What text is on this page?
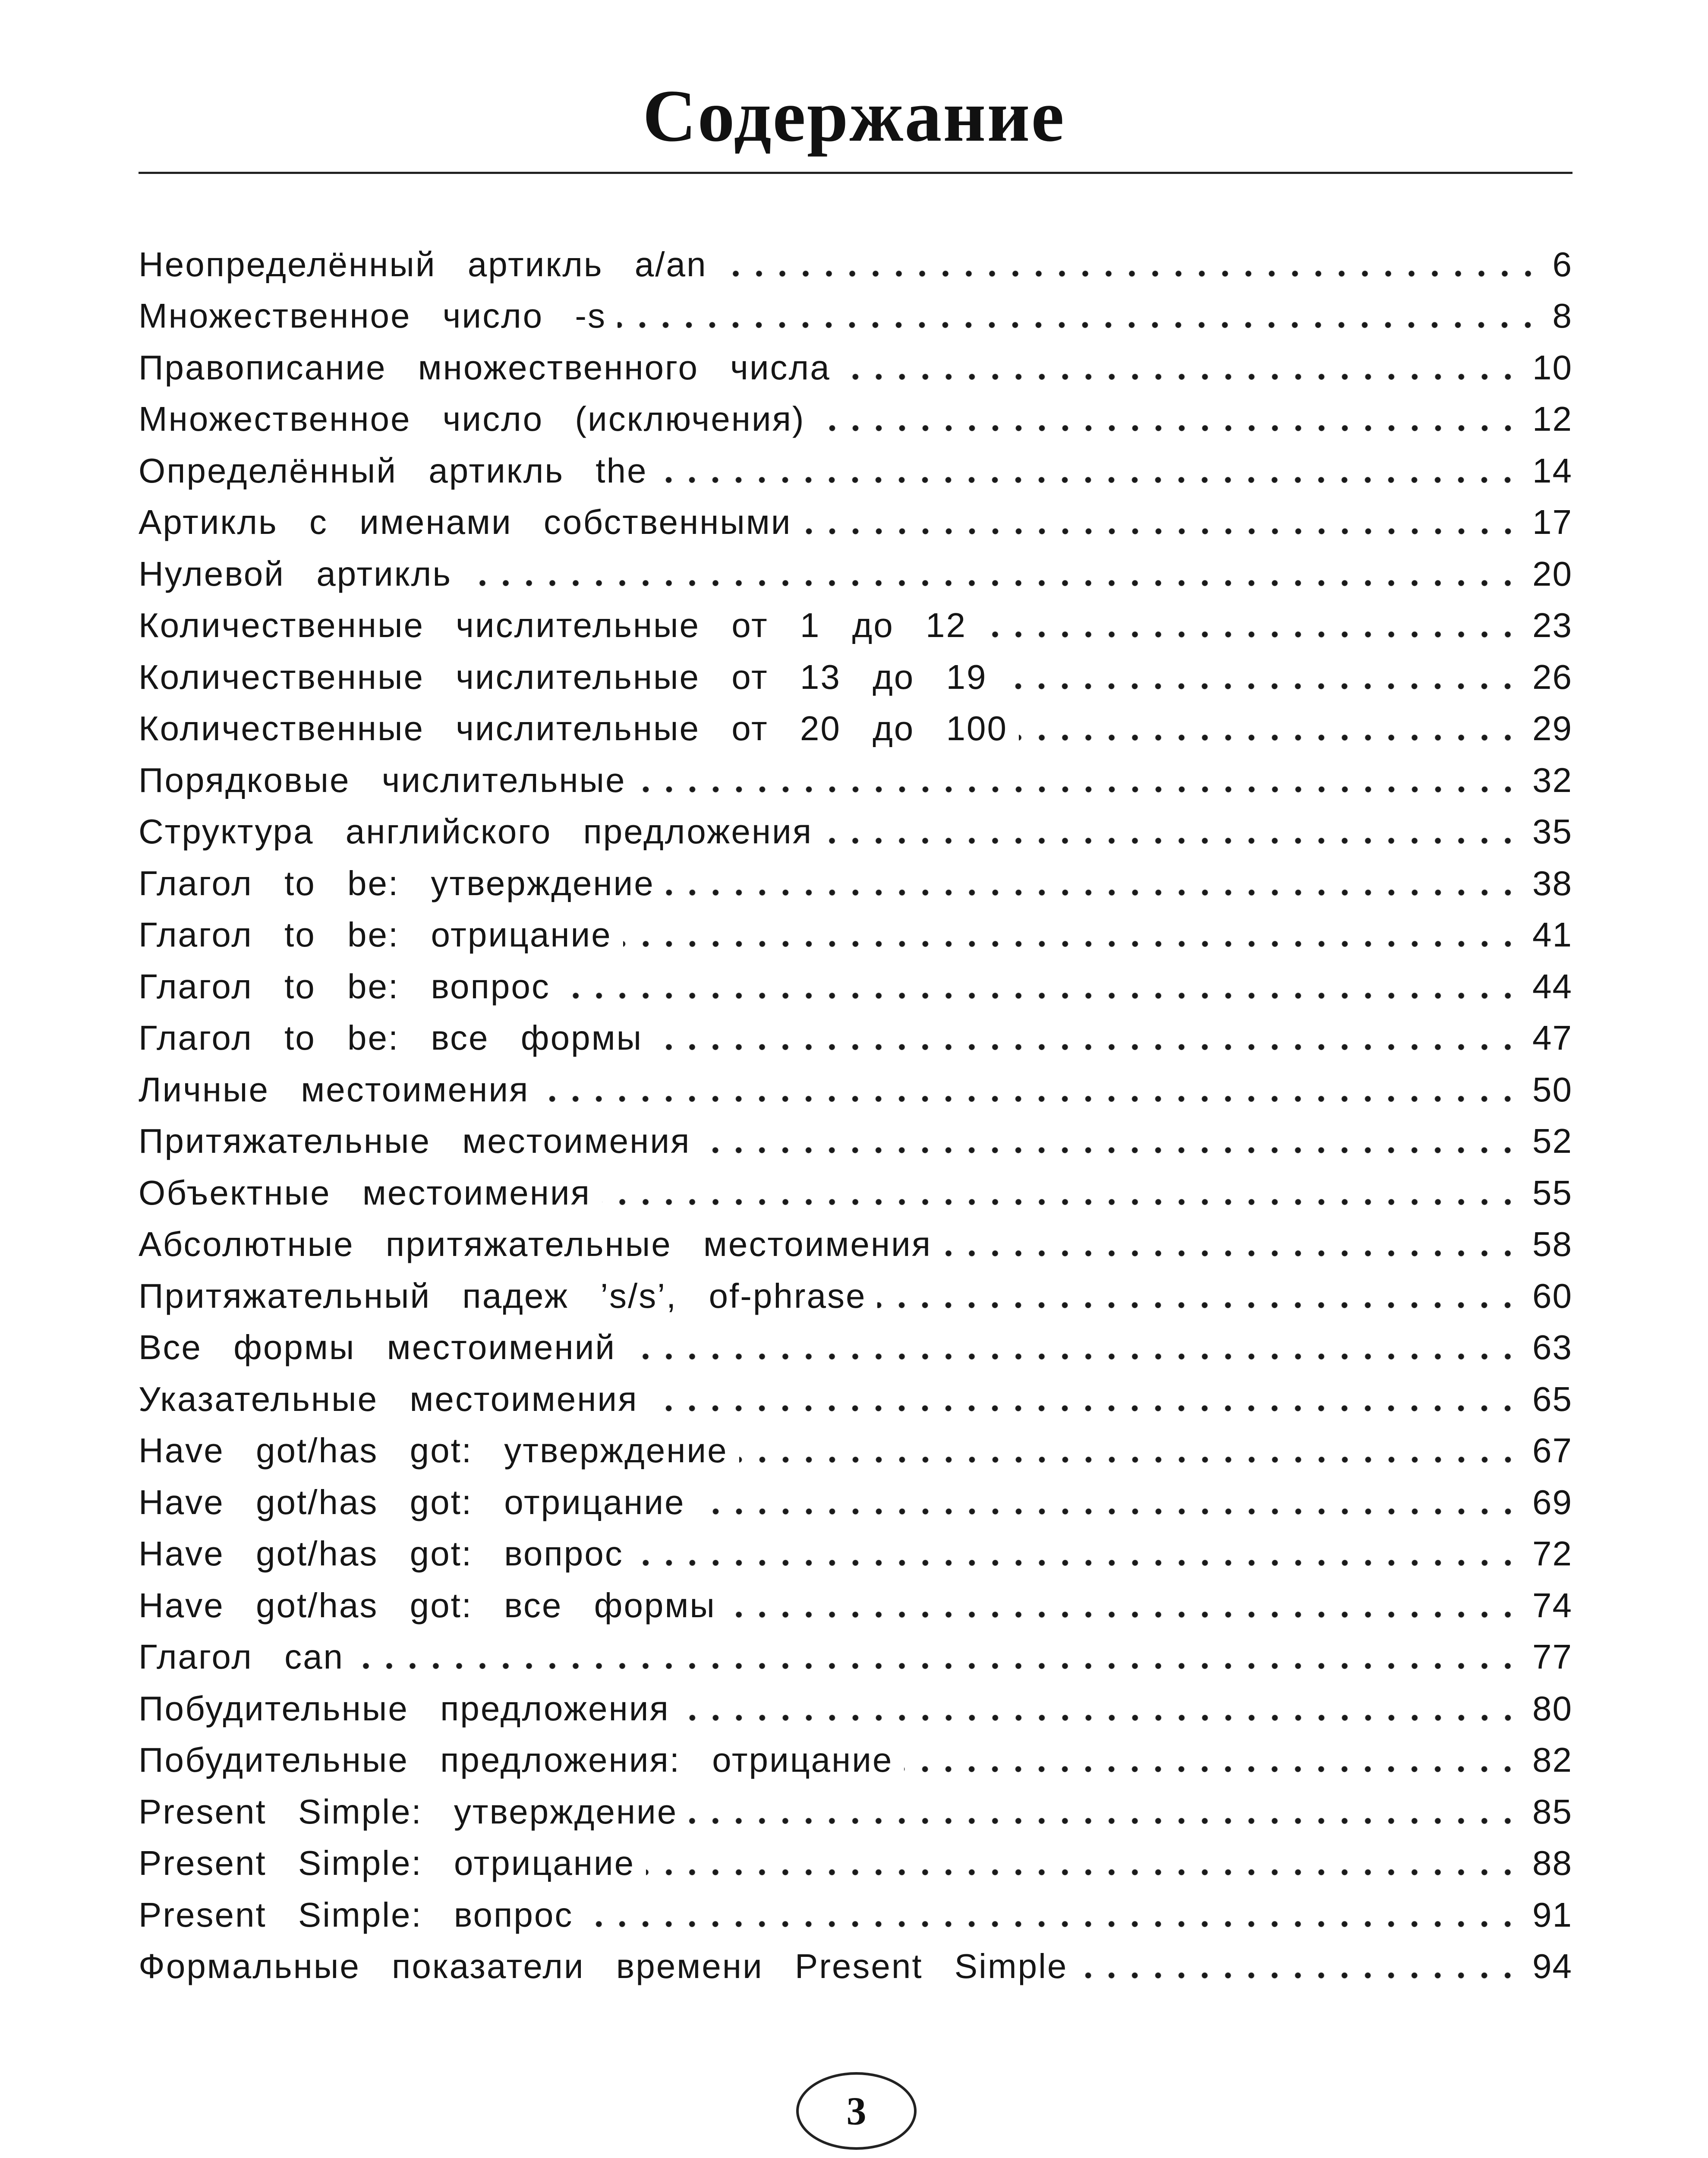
Содержание
Неопределённый артикль a/an	6
Множественное число -s	8
Правописание множественного числа	10
Множественное число (исключения)	12
Определённый артикль the	14
Артикль с именами собственными	17
Нулевой артикль	20
Количественные числительные от 1 до 12	23
Количественные числительные от 13 до 19	26
Количественные числительные от 20 до 100	29
Порядковые числительные	32
Структура английского предложения	35
Глагол to be: утверждение	38
Глагол to be: отрицание	41
Глагол to be: вопрос	44
Глагол to be: все формы	47
Личные местоимения	50
Притяжательные местоимения	52
Объектные местоимения	55
Абсолютные притяжательные местоимения	58
Притяжательный падеж ’s/s’, of-phrase	60
Все формы местоимений	63
Указательные местоимения	65
Have got/has got: утверждение	67
Have got/has got: отрицание	69
Have got/has got: вопрос	72
Have got/has got: все формы	74
Глагол can	77
Побудительные предложения	80
Побудительные предложения: отрицание	82
Present Simple: утверждение	85
Present Simple: отрицание	88
Present Simple: вопрос	91
Формальные показатели времени Present Simple	94
3
